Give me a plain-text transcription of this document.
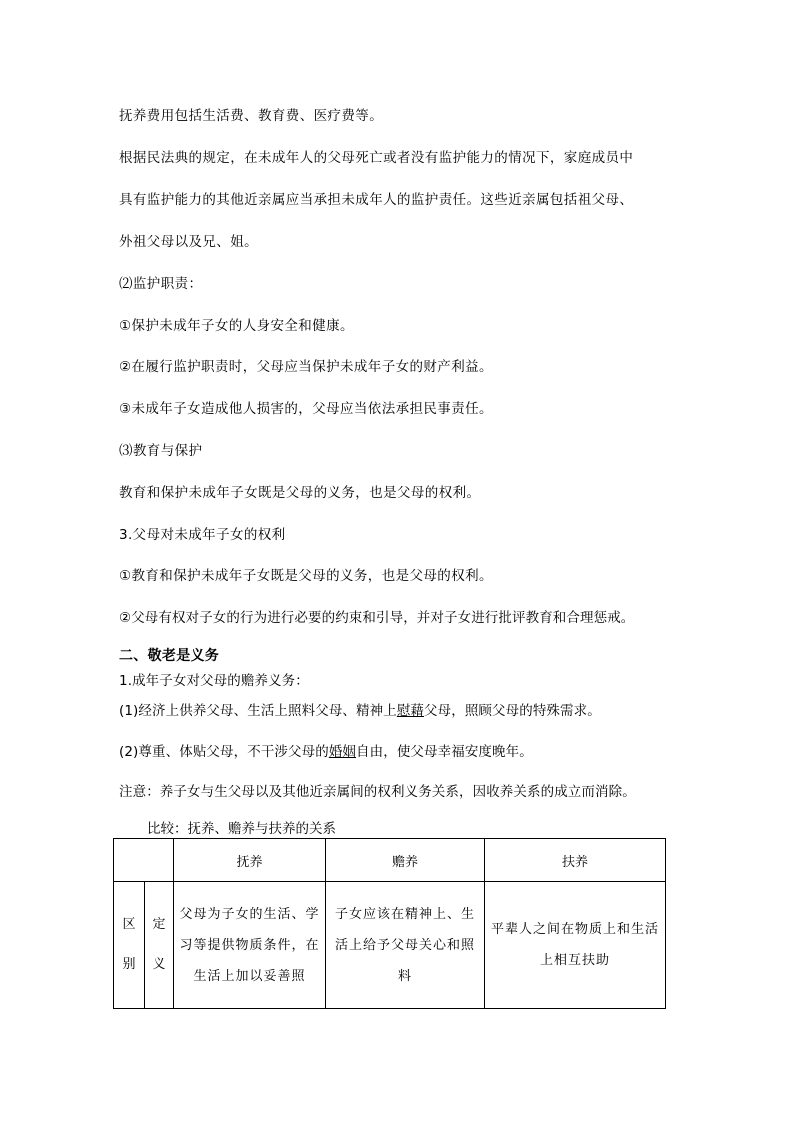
抚养费用包括生活费、教育费、医疗费等。
根据民法典的规定，在未成年人的父母死亡或者没有监护能力的情况下，家庭成员中
具有监护能力的其他近亲属应当承担未成年人的监护责任。这些近亲属包括祖父母、
外祖父母以及兄、姐。
⑵监护职责：
①保护未成年子女的人身安全和健康。
②在履行监护职责时，父母应当保护未成年子女的财产利益。
③未成年子女造成他人损害的，父母应当依法承担民事责任。
⑶教育与保护
教育和保护未成年子女既是父母的义务，也是父母的权利。
3.父母对未成年子女的权利
①教育和保护未成年子女既是父母的义务，也是父母的权利。
②父母有权对子女的行为进行必要的约束和引导，并对子女进行批评教育和合理惩戒。
二、敬老是义务
1.成年子女对父母的赡养义务：
(1)经济上供养父母、生活上照料父母、精神上慰藉父母，照顾父母的特殊需求。
(2)尊重、体贴父母，不干涉父母的婚姻自由，使父母幸福安度晚年。
注意：养子女与生父母以及其他近亲属间的权利义务关系，因收养关系的成立而消除。
比较：抚养、赡养与扶养的关系
		抚养	赡养	扶养
区别	定义	父母为子女的生活、学习等提供物质条件，在生活上加以妥善照	子女应该在精神上、生活上给予父母关心和照料	平辈人之间在物质上和生活上相互扶助
